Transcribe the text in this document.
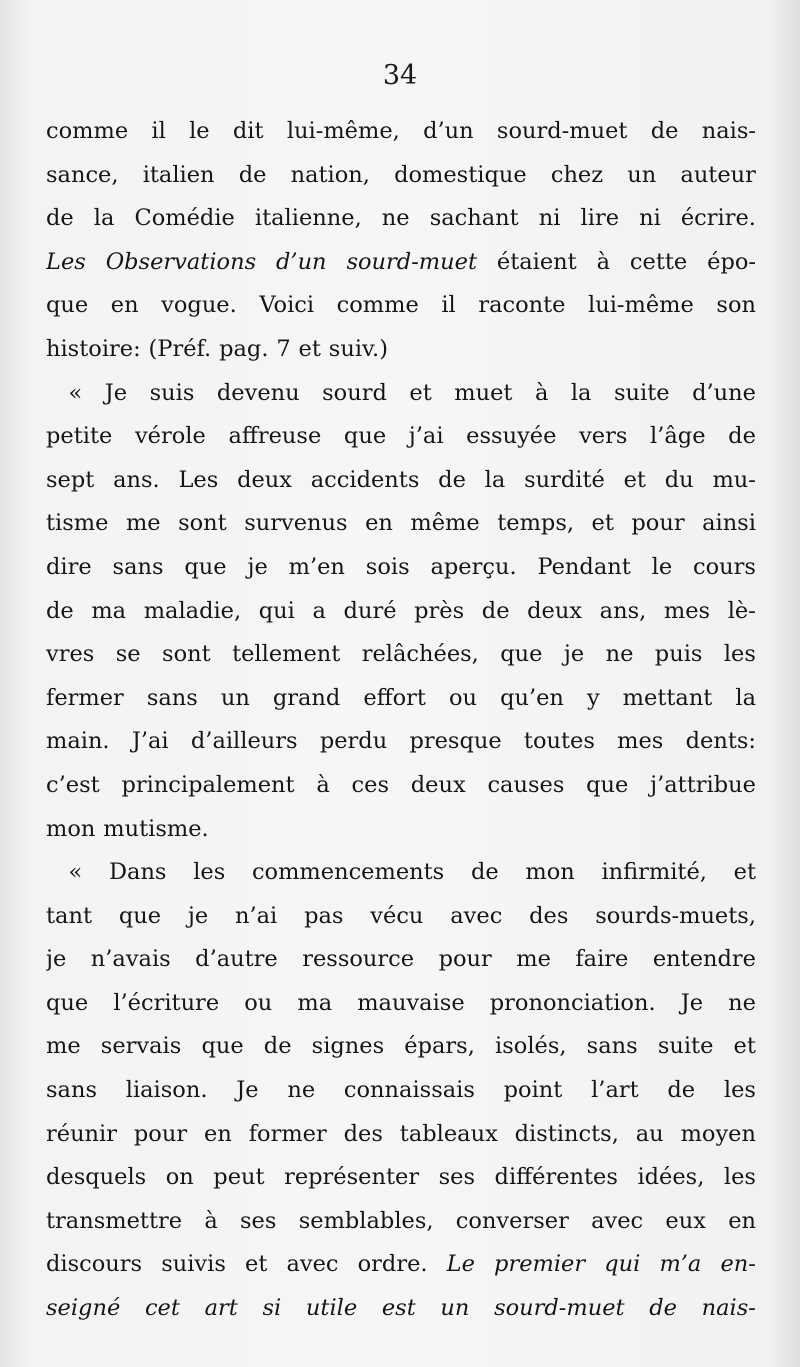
34
comme il le dit lui-même, d’un sourd-muet de nais-
sance, italien de nation, domestique chez un auteur
de la Comédie italienne, ne sachant ni lire ni écrire.
Les Observations d’un sourd-muet étaient à cette épo-
que en vogue. Voici comme il raconte lui-même son
histoire: (Préf. pag. 7 et suiv.)
« Je suis devenu sourd et muet à la suite d’une
petite vérole affreuse que j’ai essuyée vers l’âge de
sept ans. Les deux accidents de la surdité et du mu-
tisme me sont survenus en même temps, et pour ainsi
dire sans que je m’en sois aperçu. Pendant le cours
de ma maladie, qui a duré près de deux ans, mes lè-
vres se sont tellement relâchées, que je ne puis les
fermer sans un grand effort ou qu’en y mettant la
main. J’ai d’ailleurs perdu presque toutes mes dents:
c’est principalement à ces deux causes que j’attribue
mon mutisme.
« Dans les commencements de mon infirmité, et
tant que je n’ai pas vécu avec des sourds-muets,
je n’avais d’autre ressource pour me faire entendre
que l’écriture ou ma mauvaise prononciation. Je ne
me servais que de signes épars, isolés, sans suite et
sans liaison. Je ne connaissais point l’art de les
réunir pour en former des tableaux distincts, au moyen
desquels on peut représenter ses différentes idées, les
transmettre à ses semblables, converser avec eux en
discours suivis et avec ordre. Le premier qui m’a en-
seigné cet art si utile est un sourd-muet de nais-
